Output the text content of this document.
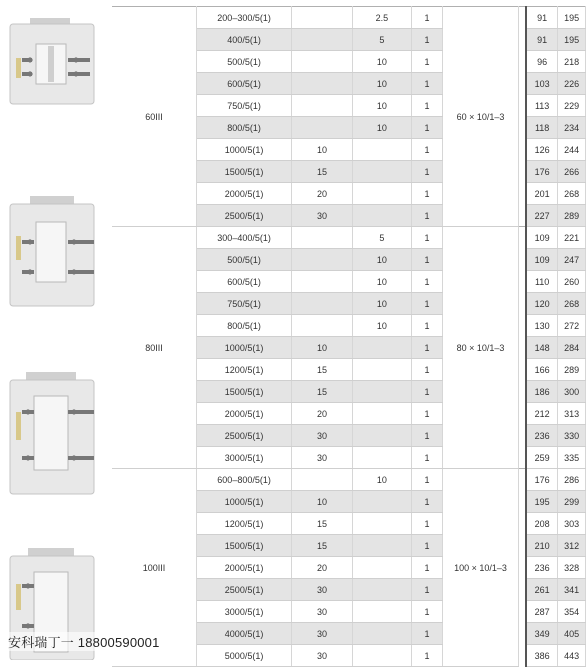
60III	200–300/5(1)		2.5	1	60 × 10/1–3		91	195
	400/5(1)		5	1			91	195
	500/5(1)		10	1			96	218
	600/5(1)		10	1			103	226
	750/5(1)		10	1			113	229
	800/5(1)		10	1			118	234
	1000/5(1)	10		1			126	244
	1500/5(1)	15		1			176	266
	2000/5(1)	20		1			201	268
	2500/5(1)	30		1			227	289
80III	300–400/5(1)		5	1	80 × 10/1–3		109	221
	500/5(1)		10	1			109	247
	600/5(1)		10	1			110	260
	750/5(1)		10	1			120	268
	800/5(1)		10	1			130	272
	1000/5(1)	10		1			148	284
	1200/5(1)	15		1			166	289
	1500/5(1)	15		1			186	300
	2000/5(1)	20		1			212	313
	2500/5(1)	30		1			236	330
	3000/5(1)	30		1			259	335
100III	600–800/5(1)		10	1	100 × 10/1–3		176	286
	1000/5(1)	10		1			195	299
	1200/5(1)	15		1			208	303
	1500/5(1)	15		1			210	312
	2000/5(1)	20		1			236	328
	2500/5(1)	30		1			261	341
	3000/5(1)	30		1			287	354
	4000/5(1)	30		1			349	405
	5000/5(1)	30		1			386	443
安科瑞丁一 18800590001
